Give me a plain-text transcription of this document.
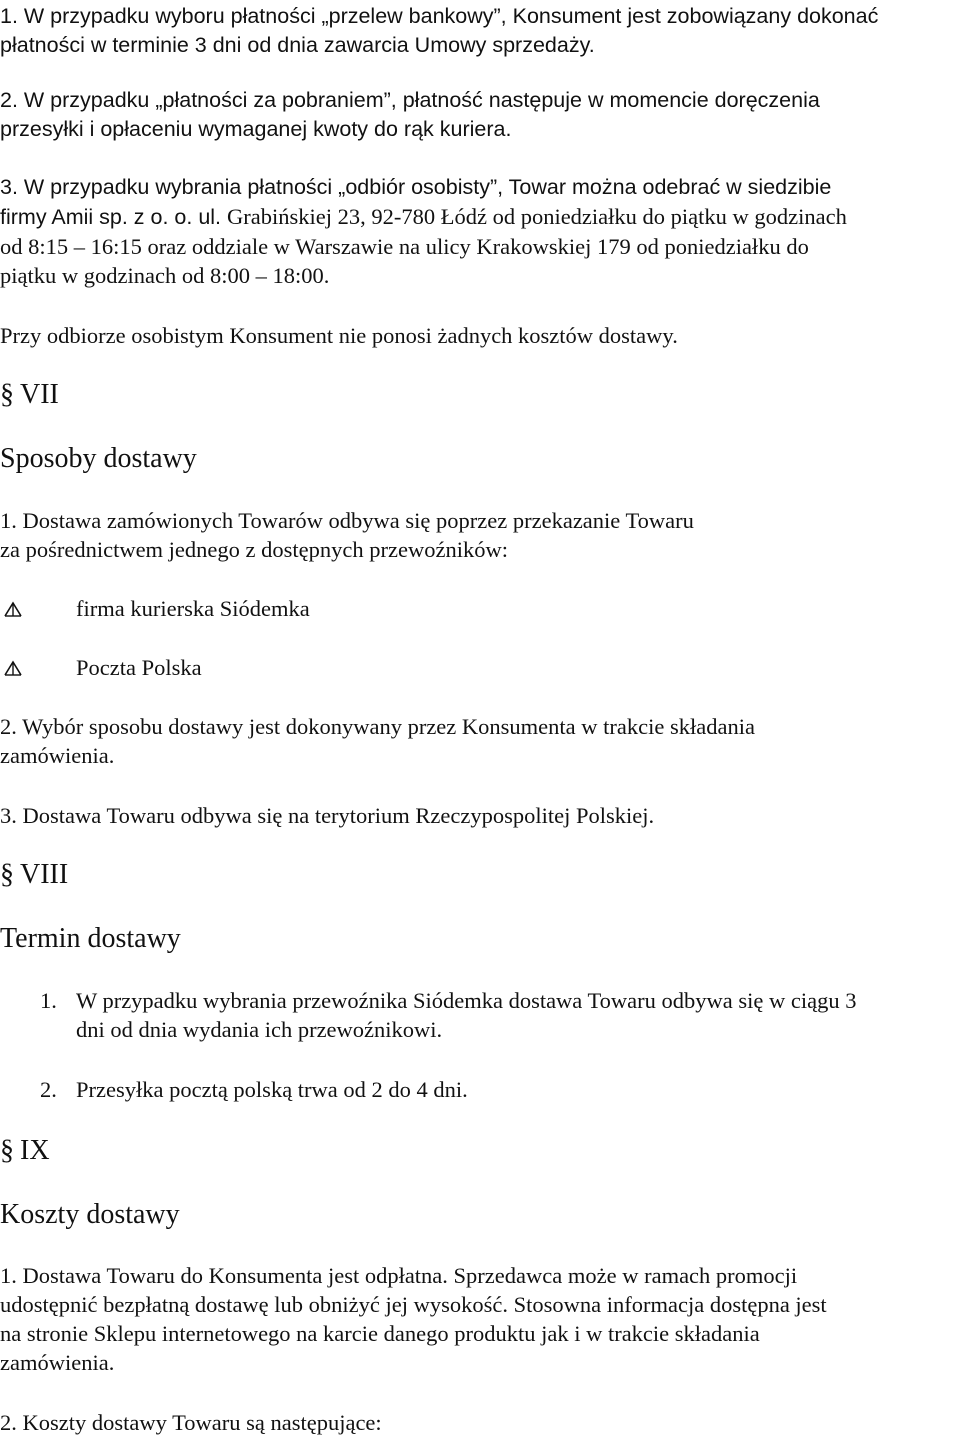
1. W przypadku wyboru płatności „przelew bankowy”, Konsument jest zobowiązany dokonać
płatności w terminie 3 dni od dnia zawarcia Umowy sprzedaży.
2. W przypadku „płatności za pobraniem”, płatność następuje w momencie doręczenia
przesyłki i opłaceniu wymaganej kwoty do rąk kuriera.
3. W przypadku wybrania płatności „odbiór osobisty”, Towar można odebrać w siedzibie
firmy Amii sp. z o. o. ul. Grabińskiej 23, 92-780 Łódź od poniedziałku do piątku w godzinach
od 8:15 – 16:15 oraz oddziale w Warszawie na ulicy Krakowskiej 179 od poniedziałku do
piątku w godzinach od 8:00 – 18:00.
Przy odbiorze osobistym Konsument nie ponosi żadnych kosztów dostawy.
§ VII
Sposoby dostawy
1. Dostawa zamówionych Towarów odbywa się poprzez przekazanie Towaru
za pośrednictwem jednego z dostępnych przewoźników:
firma kurierska Siódemka
Poczta Polska
2. Wybór sposobu dostawy jest dokonywany przez Konsumenta w trakcie składania
zamówienia.
3. Dostawa Towaru odbywa się na terytorium Rzeczypospolitej Polskiej.
§ VIII
Termin dostawy
1. W przypadku wybrania przewoźnika Siódemka dostawa Towaru odbywa się w ciągu 3
dni od dnia wydania ich przewoźnikowi.
2. Przesyłka pocztą polską trwa od 2 do 4 dni.
§ IX
Koszty dostawy
1. Dostawa Towaru do Konsumenta jest odpłatna. Sprzedawca może w ramach promocji
udostępnić bezpłatną dostawę lub obniżyć jej wysokość. Stosowna informacja dostępna jest
na stronie Sklepu internetowego na karcie danego produktu jak i w trakcie składania
zamówienia.
2. Koszty dostawy Towaru są następujące:
